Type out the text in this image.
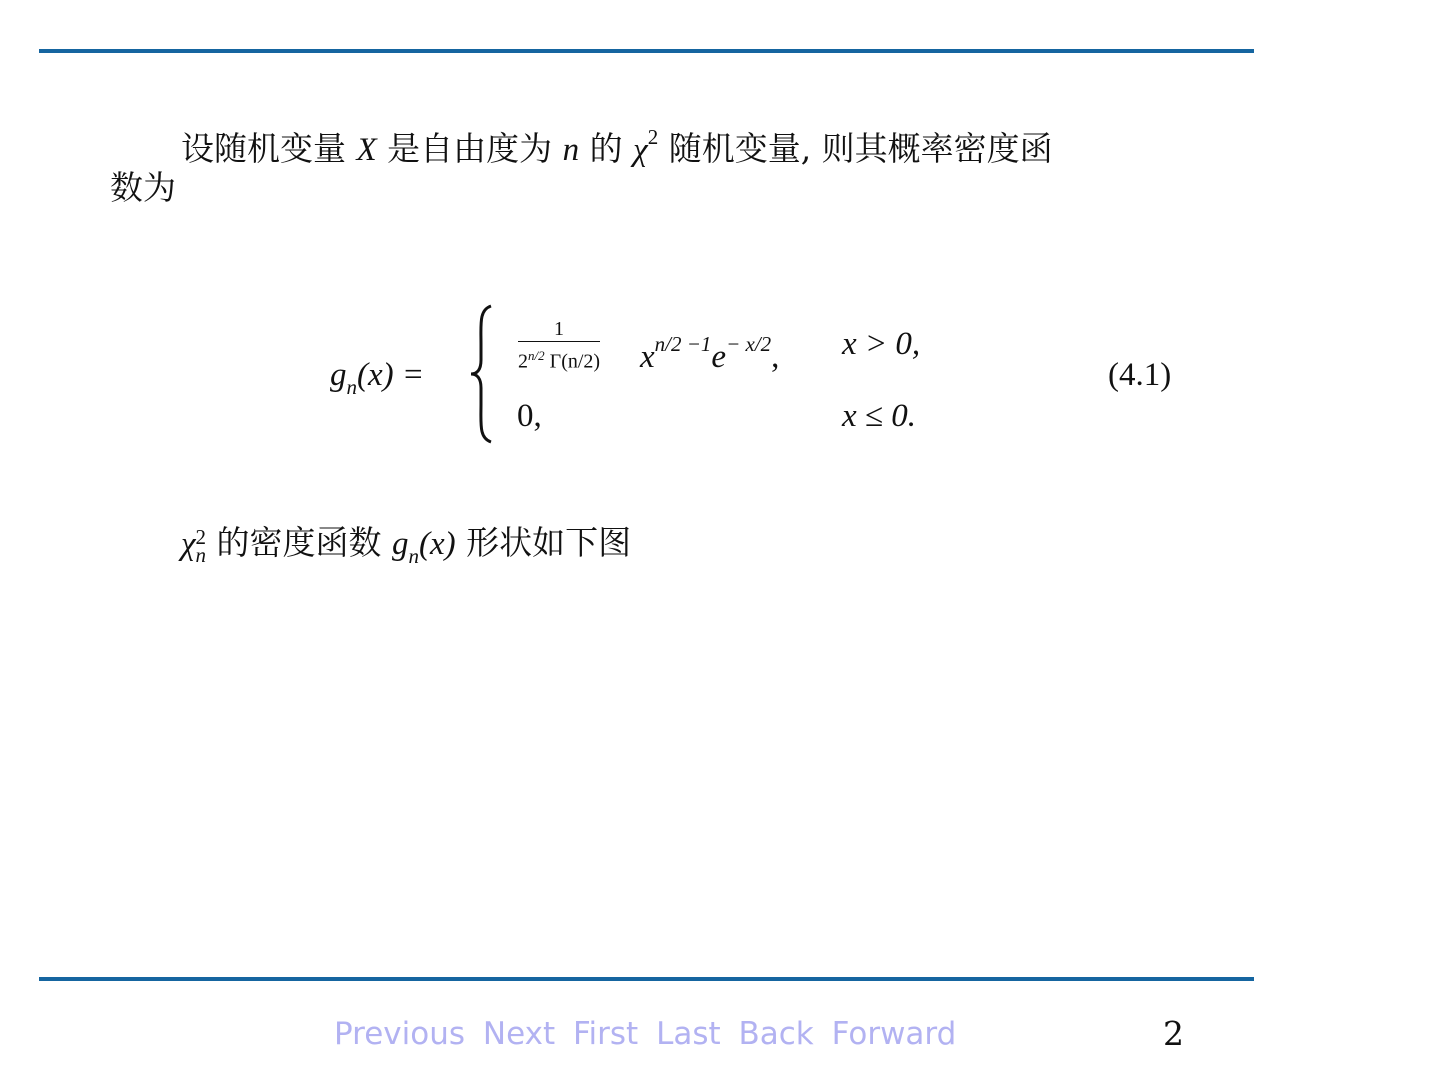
设随机变量 X 是自由度为 n 的 $\chi^2$ 随机变量, 则其概率密度函
数为
$g_n(x)$ =
1
$2^{n/2}$ Γ(n/2) $x^{n/2 -1}e^{- x/2}$, x > 0,
0,	x ≤ 0.
(4.1)
χ 2
n 的密度函数 $g_n(x)$ 形状如下图
Previous Next First Last Back Forward	2
